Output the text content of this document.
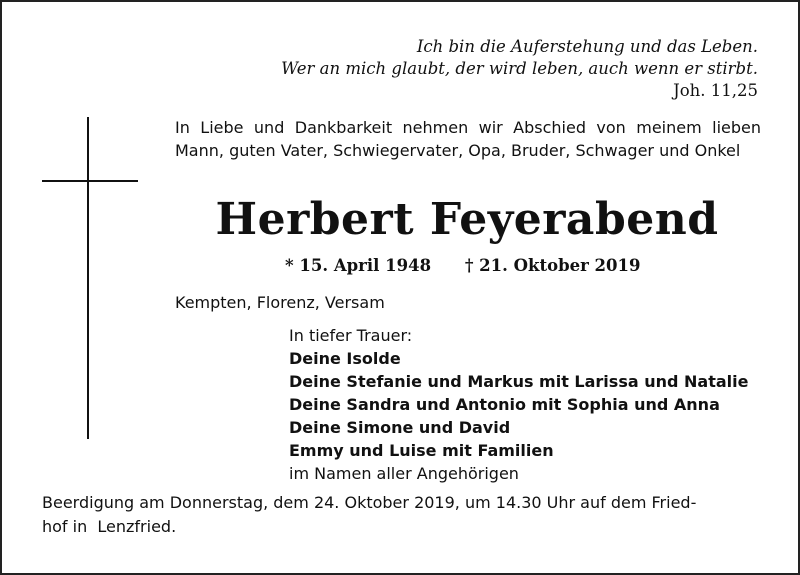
Ich bin die Auferstehung und das Leben.
Wer an mich glaubt, der wird leben, auch wenn er stirbt.
Joh. 11,25
In Liebe und Dankbarkeit nehmen wir Abschied von meinem lieben Mann, guten Vater, Schwiegervater, Opa, Bruder, Schwager und Onkel
Herbert Feyerabend
* 15. April 1948 † 21. Oktober 2019
Kempten, Florenz, Versam
In tiefer Trauer:
Deine Isolde
Deine Stefanie und Markus mit Larissa und Natalie
Deine Sandra und Antonio mit Sophia und Anna
Deine Simone und David
Emmy und Luise mit Familien
im Namen aller Angehörigen
Beerdigung am Donnerstag, dem 24. Oktober 2019, um 14.30 Uhr auf dem Fried-
hof in  Lenzfried.
